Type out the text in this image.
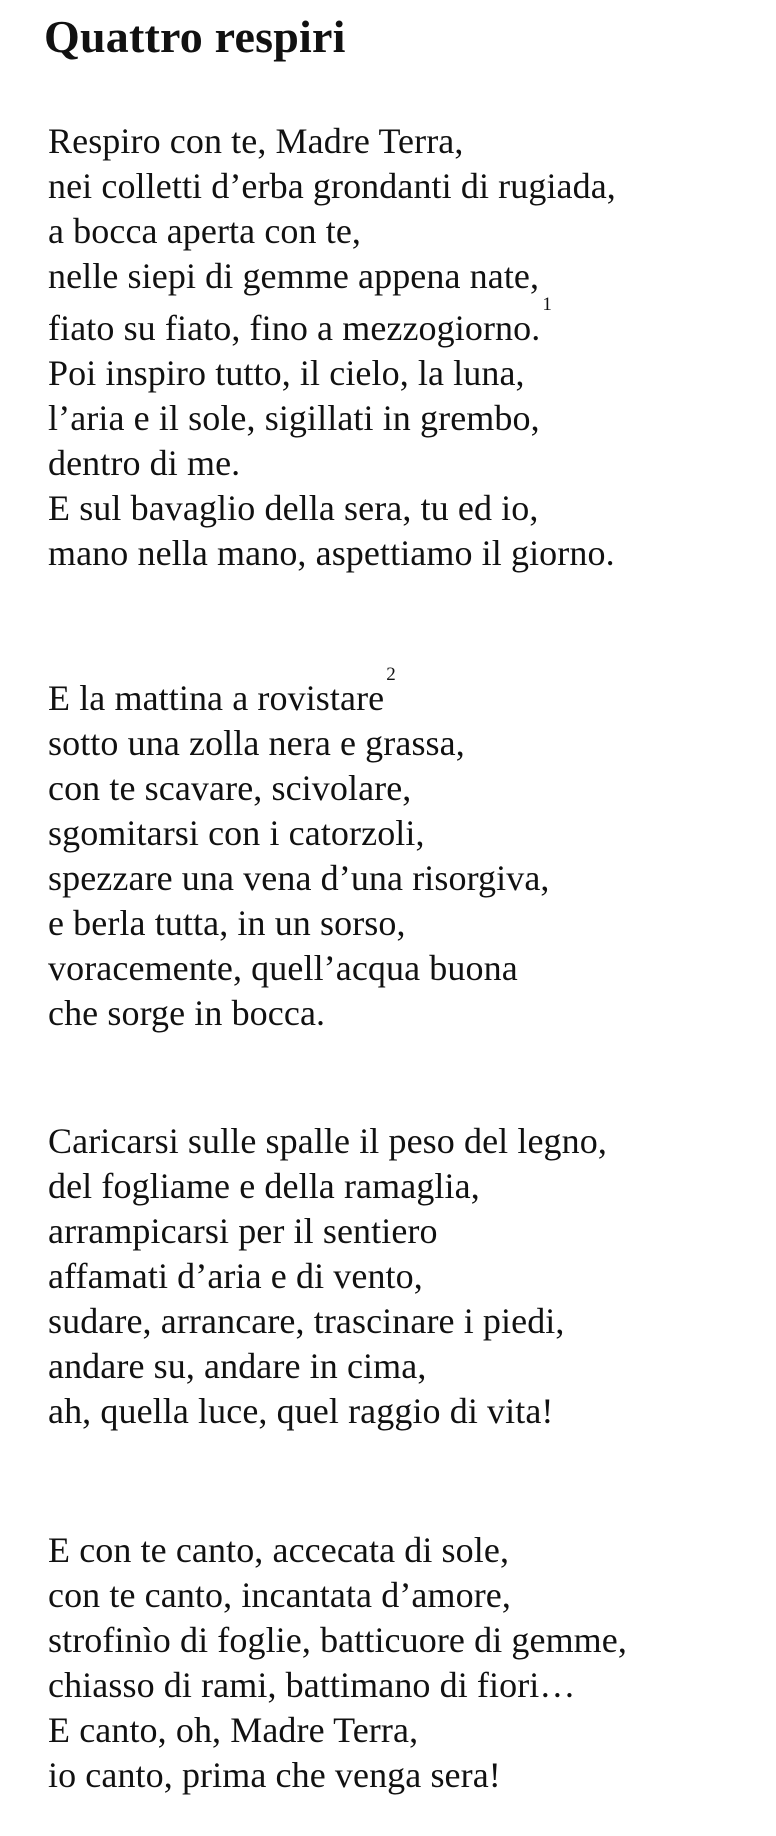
Quattro respiri
Respiro con te, Madre Terra,
nei colletti d’erba grondanti di rugiada,
a bocca aperta con te,
nelle siepi di gemme appena nate,
fiato su fiato, fino a mezzogiorno.$^1$
Poi inspiro tutto, il cielo, la luna,
l’aria e il sole, sigillati in grembo,
dentro di me.
E sul bavaglio della sera, tu ed io,
mano nella mano, aspettiamo il giorno.
E la mattina a rovistare$^2$
sotto una zolla nera e grassa,
con te scavare, scivolare,
sgomitarsi con i catorzoli,
spezzare una vena d’una risorgiva,
e berla tutta, in un sorso,
voracemente, quell’acqua buona
che sorge in bocca.
Caricarsi sulle spalle il peso del legno,
del fogliame e della ramaglia,
arrampicarsi per il sentiero
affamati d’aria e di vento,
sudare, arrancare, trascinare i piedi,
andare su, andare in cima,
ah, quella luce, quel raggio di vita!
E con te canto, accecata di sole,
con te canto, incantata d’amore,
strofinìo di foglie, batticuore di gemme,
chiasso di rami, battimano di fiori…
E canto, oh, Madre Terra,
io canto, prima che venga sera!
